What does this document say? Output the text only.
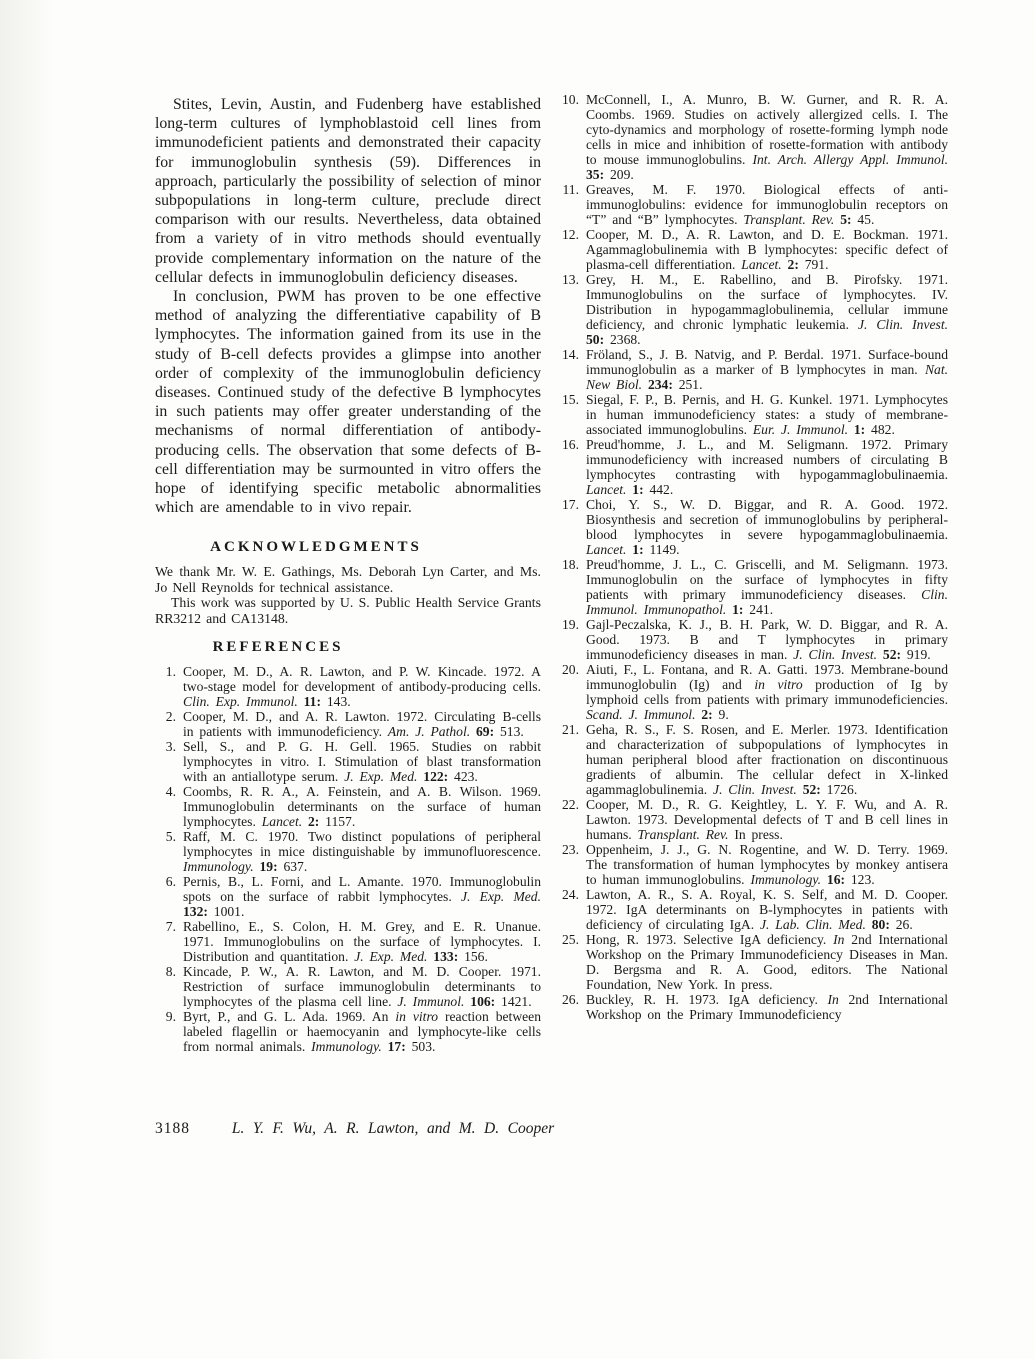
Stites, Levin, Austin, and Fudenberg have established long-term cultures of lymphoblastoid cell lines from immunodeficient patients and demonstrated their capacity for immunoglobulin synthesis (59). Differences in approach, particularly the possibility of selection of minor subpopulations in long-term culture, preclude direct comparison with our results. Nevertheless, data obtained from a variety of in vitro methods should eventually provide complementary information on the nature of the cellular defects in immunoglobulin deficiency diseases.

In conclusion, PWM has proven to be one effective method of analyzing the differentiative capability of B lymphocytes. The information gained from its use in the study of B-cell defects provides a glimpse into another order of complexity of the immunoglobulin deficiency diseases. Continued study of the defective B lymphocytes in such patients may offer greater understanding of the mechanisms of normal differentiation of antibody-producing cells. The observation that some defects of B-cell differentiation may be surmounted in vitro offers the hope of identifying specific metabolic abnormalities which are amendable to in vivo repair.

ACKNOWLEDGMENTS

We thank Mr. W. E. Gathings, Ms. Deborah Lyn Carter, and Ms. Jo Nell Reynolds for technical assistance.

This work was supported by U. S. Public Health Service Grants RR3212 and CA13148.

REFERENCES
1. Cooper, M. D., A. R. Lawton, and P. W. Kincade. 1972. A two-stage model for development of antibody-producing cells. Clin. Exp. Immunol. 11: 143.
2. Cooper, M. D., and A. R. Lawton. 1972. Circulating B-cells in patients with immunodeficiency. Am. J. Pathol. 69: 513.
3. Sell, S., and P. G. H. Gell. 1965. Studies on rabbit lymphocytes in vitro. I. Stimulation of blast transformation with an antiallotype serum. J. Exp. Med. 122: 423.
4. Coombs, R. R. A., A. Feinstein, and A. B. Wilson. 1969. Immunoglobulin determinants on the surface of human lymphocytes. Lancet. 2: 1157.
5. Raff, M. C. 1970. Two distinct populations of peripheral lymphocytes in mice distinguishable by immunofluorescence. Immunology. 19: 637.
6. Pernis, B., L. Forni, and L. Amante. 1970. Immunoglobulin spots on the surface of rabbit lymphocytes. J. Exp. Med. 132: 1001.
7. Rabellino, E., S. Colon, H. M. Grey, and E. R. Unanue. 1971. Immunoglobulins on the surface of lymphocytes. I. Distribution and quantitation. J. Exp. Med. 133: 156.
8. Kincade, P. W., A. R. Lawton, and M. D. Cooper. 1971. Restriction of surface immunoglobulin determinants to lymphocytes of the plasma cell line. J. Immunol. 106: 1421.
9. Byrt, P., and G. L. Ada. 1969. An in vitro reaction between labeled flagellin or haemocyanin and lymphocyte-like cells from normal animals. Immunology. 17: 503.
10. McConnell, I., A. Munro, B. W. Gurner, and R. R. A. Coombs. 1969. Studies on actively allergized cells. I. The cyto-dynamics and morphology of rosette-forming lymph node cells in mice and inhibition of rosette-formation with antibody to mouse immunoglobulins. Int. Arch. Allergy Appl. Immunol. 35: 209.
11. Greaves, M. F. 1970. Biological effects of anti-immunoglobulins: evidence for immunoglobulin receptors on “T” and “B” lymphocytes. Transplant. Rev. 5: 45.
12. Cooper, M. D., A. R. Lawton, and D. E. Bockman. 1971. Agammaglobulinemia with B lymphocytes: specific defect of plasma-cell differentiation. Lancet. 2: 791.
13. Grey, H. M., E. Rabellino, and B. Pirofsky. 1971. Immunoglobulins on the surface of lymphocytes. IV. Distribution in hypogammaglobulinemia, cellular immune deficiency, and chronic lymphatic leukemia. J. Clin. Invest. 50: 2368.
14. Fröland, S., J. B. Natvig, and P. Berdal. 1971. Surface-bound immunoglobulin as a marker of B lymphocytes in man. Nat. New Biol. 234: 251.
15. Siegal, F. P., B. Pernis, and H. G. Kunkel. 1971. Lymphocytes in human immunodeficiency states: a study of membrane-associated immunoglobulins. Eur. J. Immunol. 1: 482.
16. Preud'homme, J. L., and M. Seligmann. 1972. Primary immunodeficiency with increased numbers of circulating B lymphocytes contrasting with hypogammaglobulinaemia. Lancet. 1: 442.
17. Choi, Y. S., W. D. Biggar, and R. A. Good. 1972. Biosynthesis and secretion of immunoglobulins by peripheral-blood lymphocytes in severe hypogammaglobulinaemia. Lancet. 1: 1149.
18. Preud'homme, J. L., C. Griscelli, and M. Seligmann. 1973. Immunoglobulin on the surface of lymphocytes in fifty patients with primary immunodeficiency diseases. Clin. Immunol. Immunopathol. 1: 241.
19. Gajl-Peczalska, K. J., B. H. Park, W. D. Biggar, and R. A. Good. 1973. B and T lymphocytes in primary immunodeficiency diseases in man. J. Clin. Invest. 52: 919.
20. Aiuti, F., L. Fontana, and R. A. Gatti. 1973. Membrane-bound immunoglobulin (Ig) and in vitro production of Ig by lymphoid cells from patients with primary immunodeficiencies. Scand. J. Immunol. 2: 9.
21. Geha, R. S., F. S. Rosen, and E. Merler. 1973. Identification and characterization of subpopulations of lymphocytes in human peripheral blood after fractionation on discontinuous gradients of albumin. The cellular defect in X-linked agammaglobulinemia. J. Clin. Invest. 52: 1726.
22. Cooper, M. D., R. G. Keightley, L. Y. F. Wu, and A. R. Lawton. 1973. Developmental defects of T and B cell lines in humans. Transplant. Rev. In press.
23. Oppenheim, J. J., G. N. Rogentine, and W. D. Terry. 1969. The transformation of human lymphocytes by monkey antisera to human immunoglobulins. Immunology. 16: 123.
24. Lawton, A. R., S. A. Royal, K. S. Self, and M. D. Cooper. 1972. IgA determinants on B-lymphocytes in patients with deficiency of circulating IgA. J. Lab. Clin. Med. 80: 26.
25. Hong, R. 1973. Selective IgA deficiency. In 2nd International Workshop on the Primary Immunodeficiency Diseases in Man. D. Bergsma and R. A. Good, editors. The National Foundation, New York. In press.
26. Buckley, R. H. 1973. IgA deficiency. In 2nd International Workshop on the Primary Immunodeficiency
3188	L. Y. F. Wu, A. R. Lawton, and M. D. Cooper
